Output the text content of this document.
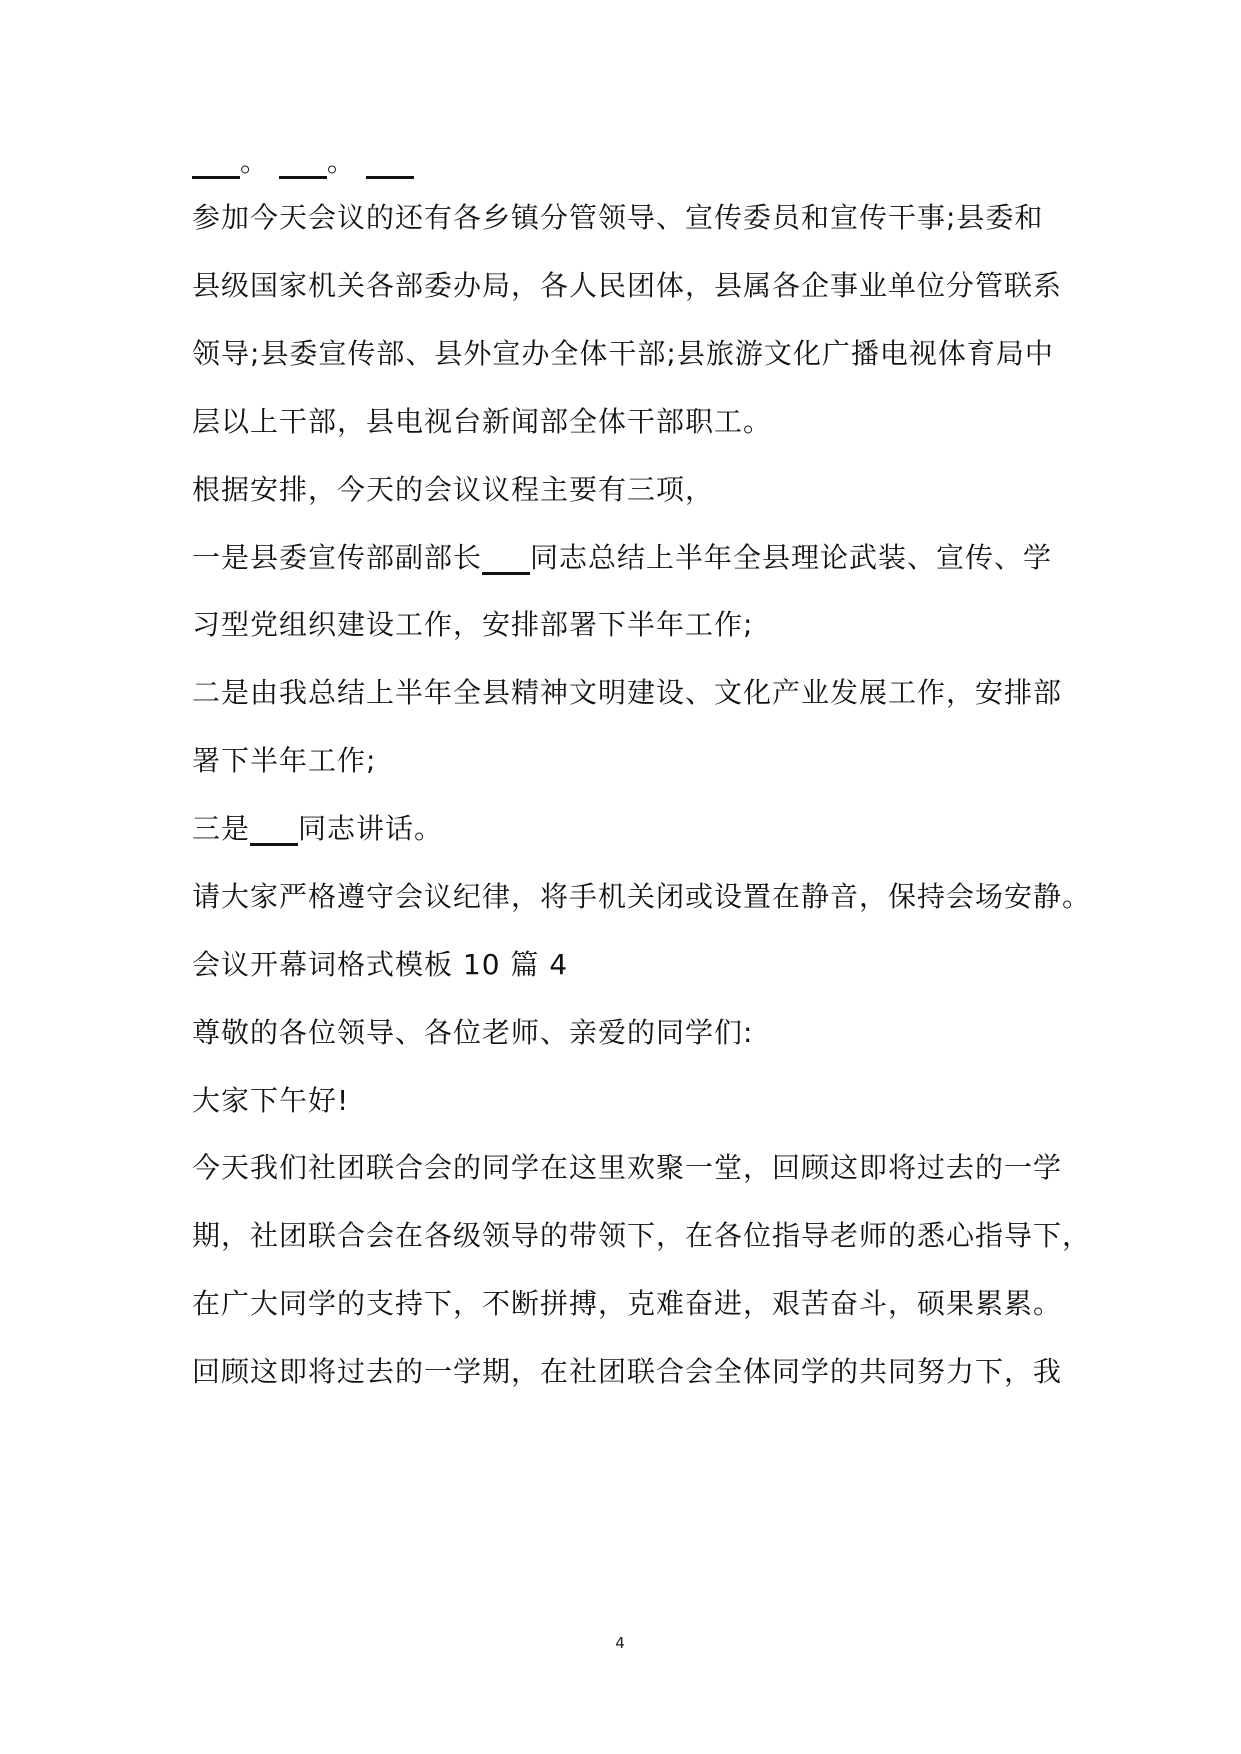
。 。
参加今天会议的还有各乡镇分管领导、宣传委员和宣传干事;县委和
县级国家机关各部委办局，各人民团体，县属各企事业单位分管联系
领导;县委宣传部、县外宣办全体干部;县旅游文化广播电视体育局中
层以上干部，县电视台新闻部全体干部职工。
根据安排，今天的会议议程主要有三项，
一是县委宣传部副部长 同志总结上半年全县理论武装、宣传、学
习型党组织建设工作，安排部署下半年工作;
二是由我总结上半年全县精神文明建设、文化产业发展工作，安排部
署下半年工作;
三是 同志讲话。
请大家严格遵守会议纪律，将手机关闭或设置在静音，保持会场安静。
会议开幕词格式模板 10 篇 4
尊敬的各位领导、各位老师、亲爱的同学们:
大家下午好!
今天我们社团联合会的同学在这里欢聚一堂，回顾这即将过去的一学
期，社团联合会在各级领导的带领下，在各位指导老师的悉心指导下，
在广大同学的支持下，不断拼搏，克难奋进，艰苦奋斗，硕果累累。
回顾这即将过去的一学期，在社团联合会全体同学的共同努力下，我
4
